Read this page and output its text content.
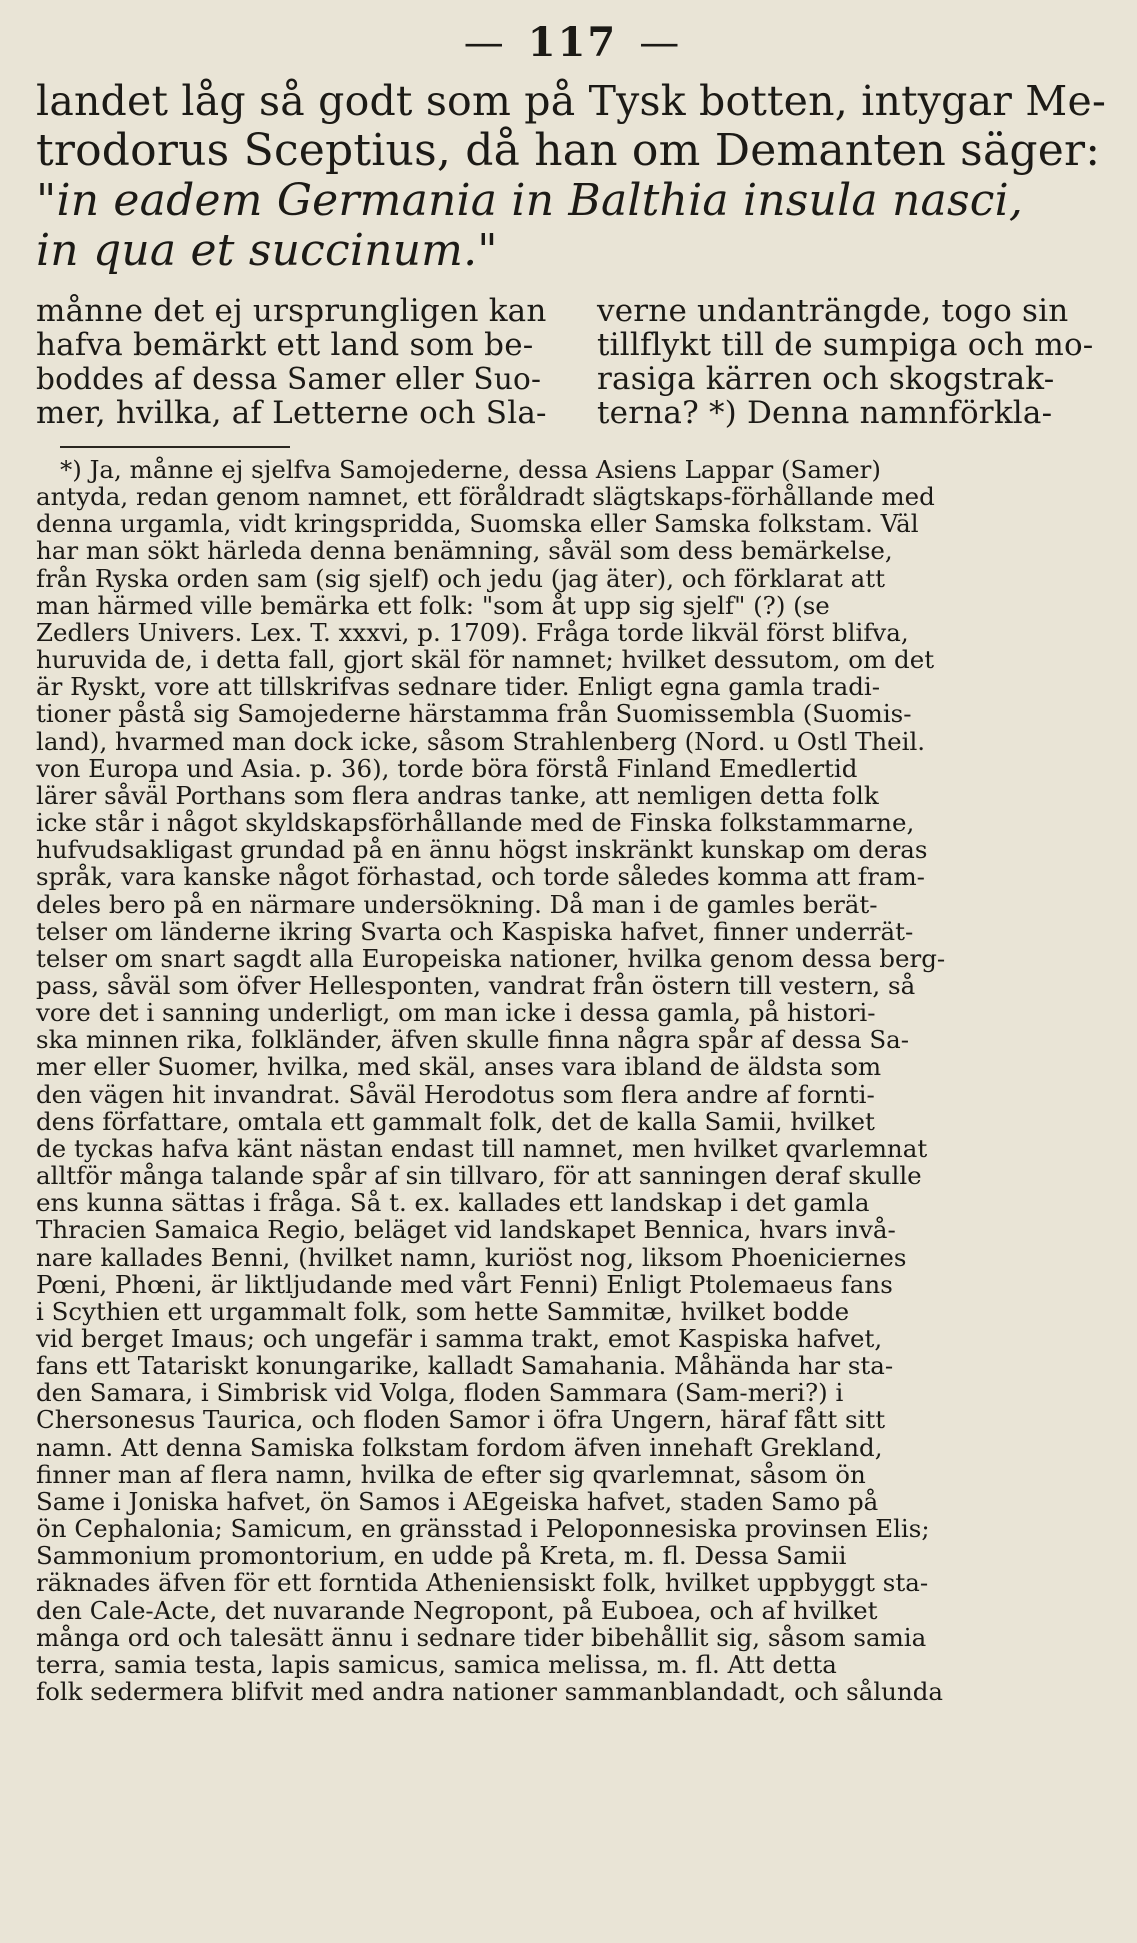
— 117 —
landet låg så godt som på Tysk botten, intygar Me-
trodorus Sceptius, då han om Demanten säger:
"in eadem Germania in Balthia insula nasci,
in qua et succinum."
månne det ej ursprungligen kan
hafva bemärkt ett land som be-
boddes af dessa Samer eller Suo-
mer, hvilka, af Letterne och Sla-
verne undanträngde, togo sin
tillflykt till de sumpiga och mo-
rasiga kärren och skogstrak-
terna? *) Denna namnförkla-
*) Ja, månne ej sjelfva Samojederne, dessa Asiens Lappar (Samer)
antyda, redan genom namnet, ett föråldradt slägtskaps-förhållande med
denna urgamla, vidt kringspridda, Suomska eller Samska folkstam. Väl
har man sökt härleda denna benämning, såväl som dess bemärkelse,
från Ryska orden sam (sig sjelf) och jedu (jag äter), och förklarat att
man härmed ville bemärka ett folk: "som åt upp sig sjelf" (?) (se
Zedlers Univers. Lex. T. xxxvi, p. 1709). Fråga torde likväl först blifva,
huruvida de, i detta fall, gjort skäl för namnet; hvilket dessutom, om det
är Ryskt, vore att tillskrifvas sednare tider. Enligt egna gamla tradi-
tioner påstå sig Samojederne härstamma från Suomissembla (Suomis-
land), hvarmed man dock icke, såsom Strahlenberg (Nord. u Ostl Theil.
von Europa und Asia. p. 36), torde böra förstå Finland Emedlertid
lärer såväl Porthans som flera andras tanke, att nemligen detta folk
icke står i något skyldskapsförhållande med de Finska folkstammarne,
hufvudsakligast grundad på en ännu högst inskränkt kunskap om deras
språk, vara kanske något förhastad, och torde således komma att fram-
deles bero på en närmare undersökning. Då man i de gamles berät-
telser om länderne ikring Svarta och Kaspiska hafvet, finner underrät-
telser om snart sagdt alla Europeiska nationer, hvilka genom dessa berg-
pass, såväl som öfver Hellesponten, vandrat från östern till vestern, så
vore det i sanning underligt, om man icke i dessa gamla, på histori-
ska minnen rika, folkländer, äfven skulle finna några spår af dessa Sa-
mer eller Suomer, hvilka, med skäl, anses vara ibland de äldsta som
den vägen hit invandrat. Såväl Herodotus som flera andre af fornti-
dens författare, omtala ett gammalt folk, det de kalla Samii, hvilket
de tyckas hafva känt nästan endast till namnet, men hvilket qvarlemnat
alltför många talande spår af sin tillvaro, för att sanningen deraf skulle
ens kunna sättas i fråga. Så t. ex. kallades ett landskap i det gamla
Thracien Samaica Regio, beläget vid landskapet Bennica, hvars invå-
nare kallades Benni, (hvilket namn, kuriöst nog, liksom Phoeniciernes
Pœni, Phœni, är liktljudande med vårt Fenni) Enligt Ptolemaeus fans
i Scythien ett urgammalt folk, som hette Sammitæ, hvilket bodde
vid berget Imaus; och ungefär i samma trakt, emot Kaspiska hafvet,
fans ett Tatariskt konungarike, kalladt Samahania. Måhända har sta-
den Samara, i Simbrisk vid Volga, floden Sammara (Sam-meri?) i
Chersonesus Taurica, och floden Samor i öfra Ungern, häraf fått sitt
namn. Att denna Samiska folkstam fordom äfven innehaft Grekland,
finner man af flera namn, hvilka de efter sig qvarlemnat, såsom ön
Same i Joniska hafvet, ön Samos i AEgeiska hafvet, staden Samo på
ön Cephalonia; Samicum, en gränsstad i Peloponnesiska provinsen Elis;
Sammonium promontorium, en udde på Kreta, m. fl. Dessa Samii
räknades äfven för ett forntida Atheniensiskt folk, hvilket uppbyggt sta-
den Cale-Acte, det nuvarande Negropont, på Euboea, och af hvilket
många ord och talesätt ännu i sednare tider bibehållit sig, såsom samia
terra, samia testa, lapis samicus, samica melissa, m. fl. Att detta
folk sedermera blifvit med andra nationer sammanblandadt, och sålunda
